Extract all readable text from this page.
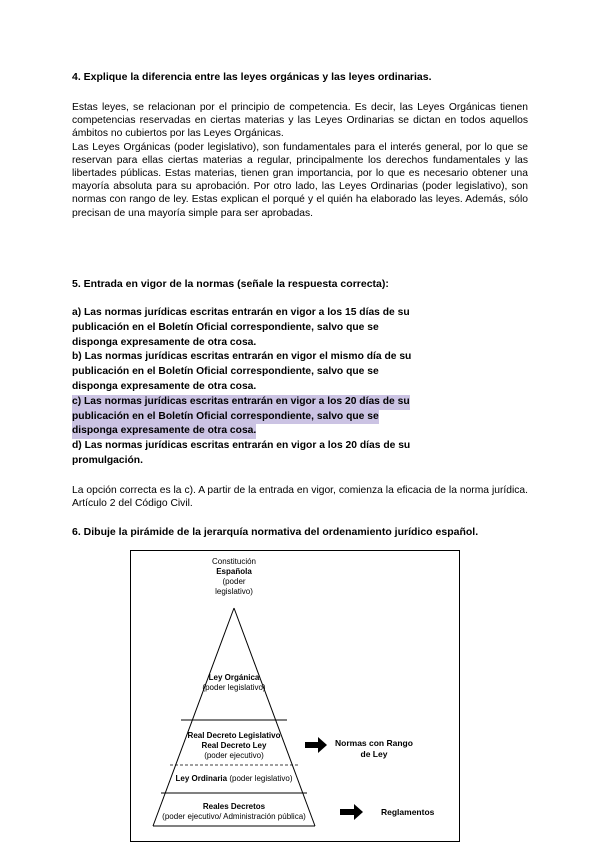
4. Explique la diferencia entre las leyes orgánicas y las leyes ordinarias.

Estas leyes, se relacionan por el principio de competencia. Es decir, las Leyes Orgánicas tienen competencias reservadas en ciertas materias y las Leyes Ordinarias se dictan en todos aquellos ámbitos no cubiertos por las Leyes Orgánicas.

Las Leyes Orgánicas (poder legislativo), son fundamentales para el interés general, por lo que se reservan para ellas ciertas materias a regular, principalmente los derechos fundamentales y las libertades públicas. Estas materias, tienen gran importancia, por lo que es necesario obtener una mayoría absoluta para su aprobación. Por otro lado, las Leyes Ordinarias (poder legislativo), son normas con rango de ley. Estas explican el porqué y el quién ha elaborado las leyes. Además, sólo precisan de una mayoría simple para ser aprobadas.

5. Entrada en vigor de la normas (señale la respuesta correcta):
a) Las normas jurídicas escritas entrarán en vigor a los 15 días de su
publicación en el Boletín Oficial correspondiente, salvo que se
disponga expresamente de otra cosa.
b) Las normas jurídicas escritas entrarán en vigor el mismo día de su
publicación en el Boletín Oficial correspondiente, salvo que se
disponga expresamente de otra cosa.
c) Las normas jurídicas escritas entrarán en vigor a los 20 días de su
publicación en el Boletín Oficial correspondiente, salvo que se
disponga expresamente de otra cosa.
d) Las normas jurídicas escritas entrarán en vigor a los 20 días de su
promulgación.
La opción correcta es la c). A partir de la entrada en vigor, comienza la eficacia de la norma jurídica. Artículo 2 del Código Civil.
6. Dibuje la pirámide de la jerarquía normativa del ordenamiento jurídico español.
Constitución
Española
(poder
legislativo)
Ley Orgánica
(poder legislativo)
Real Decreto Legislativo
Real Decreto Ley
(poder ejecutivo)
Ley Ordinaria (poder legislativo)
Reales Decretos
(poder ejecutivo/ Administración pública)
Normas con Rango
de Ley
Reglamentos
